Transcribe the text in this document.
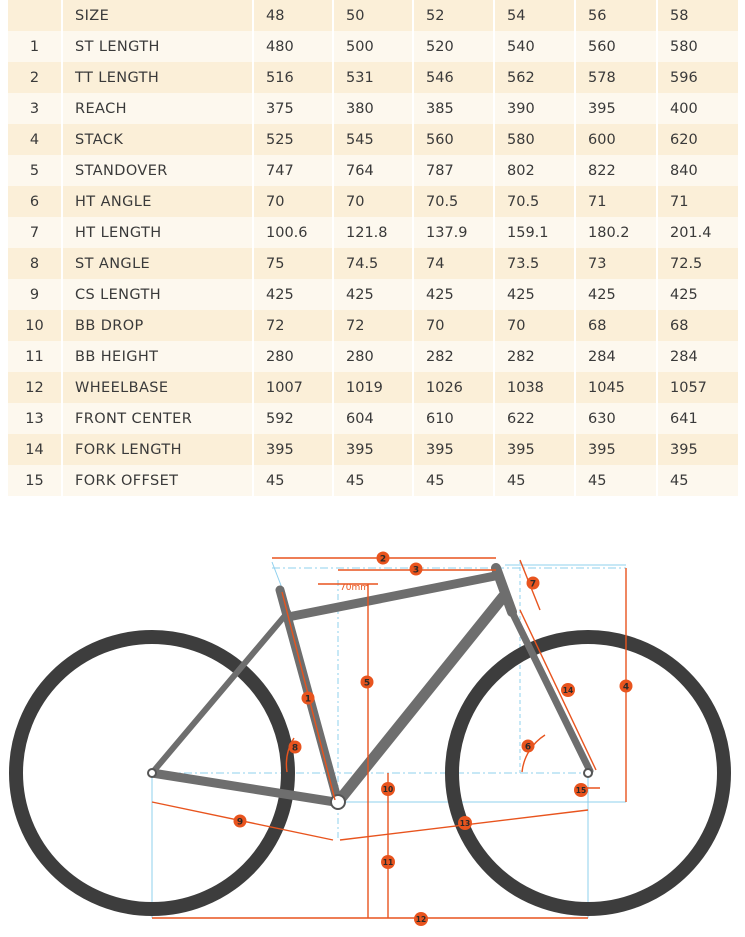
	SIZE	48	50	52	54	56	58
1	ST LENGTH	480	500	520	540	560	580
2	TT LENGTH	516	531	546	562	578	596
3	REACH	375	380	385	390	395	400
4	STACK	525	545	560	580	600	620
5	STANDOVER	747	764	787	802	822	840
6	HT ANGLE	70	70	70.5	70.5	71	71
7	HT LENGTH	100.6	121.8	137.9	159.1	180.2	201.4
8	ST ANGLE	75	74.5	74	73.5	73	72.5
9	CS LENGTH	425	425	425	425	425	425
10	BB DROP	72	72	70	70	68	68
11	BB HEIGHT	280	280	282	282	284	284
12	WHEELBASE	1007	1019	1026	1038	1045	1057
13	FRONT CENTER	592	604	610	622	630	641
14	FORK LENGTH	395	395	395	395	395	395
15	FORK OFFSET	45	45	45	45	45	45
70mm
1
2
3
4
5
6
7
8
9
10
11
12
13
14
15
